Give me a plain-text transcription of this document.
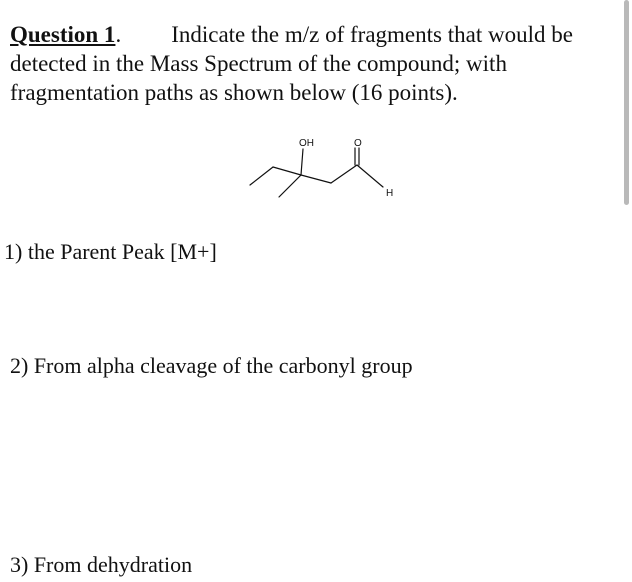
Question 1. Indicate the m/z of fragments that would be detected in the Mass Spectrum of the compound; with fragmentation paths as shown below (16 points).
OH	O
H
1) the Parent Peak [M+]
2) From alpha cleavage of the carbonyl group
3) From dehydration
